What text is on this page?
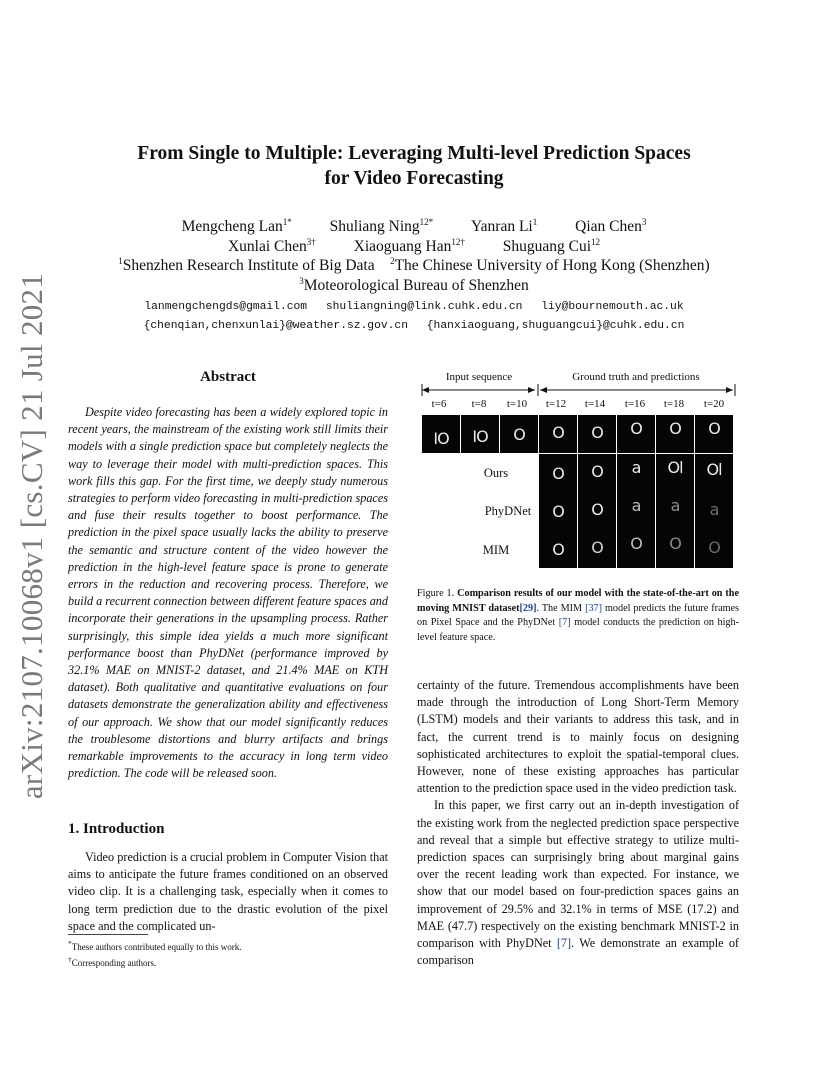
arXiv:2107.10068v1 [cs.CV] 21 Jul 2021
From Single to Multiple: Leveraging Multi-level Prediction Spaces
for Video Forecasting
Mengcheng Lan$^{1*}$ Shuliang Ning$^{12*}$ Yanran Li$^1$ Qian Chen$^3$
Xunlai Chen$^{3\dagger}$ Xiaoguang Han$^{12\dagger}$ Shuguang Cui$^{12}$
$^1$Shenzhen Research Institute of Big Data $^2$The Chinese University of Hong Kong (Shenzhen)
$^3$Moteorological Bureau of Shenzhen
lanmengchengds@gmail.com shuliangning@link.cuhk.edu.cn liy@bournemouth.ac.uk
{chenqian,chenxunlai}@weather.sz.gov.cn {hanxiaoguang,shuguangcui}@cuhk.edu.cn
Abstract
Despite video forecasting has been a widely explored topic in recent years, the mainstream of the existing work still limits their models with a single prediction space but completely neglects the way to leverage their model with multi-prediction spaces. This work fills this gap. For the first time, we deeply study numerous strategies to perform video forecasting in multi-prediction spaces and fuse their results together to boost performance. The prediction in the pixel space usually lacks the ability to preserve the semantic and structure content of the video however the prediction in the high-level feature space is prone to generate errors in the reduction and recovering process. Therefore, we build a recurrent connection between different feature spaces and incorporate their generations in the upsampling process. Rather surprisingly, this simple idea yields a much more significant performance boost than PhyDNet (performance improved by 32.1% MAE on MNIST-2 dataset, and 21.4% MAE on KTH dataset). Both qualitative and quantitative evaluations on four datasets demonstrate the generalization ability and effectiveness of our approach. We show that our model significantly reduces the troublesome distortions and blurry artifacts and brings remarkable improvements to the accuracy in long term video prediction. The code will be released soon.
1. Introduction
Video prediction is a crucial problem in Computer Vision that aims to anticipate the future frames conditioned on an observed video clip. It is a challenging task, especially when it comes to long term prediction due to the drastic evolution of the pixel space and the complicated un-
*These authors contributed equally to this work.
†Corresponding authors.
Input sequence	Ground truth and predictions
t=6	t=8	t=10	t=12	t=14	t=16	t=18	t=20
IO	IO	O	O	O	O	O	O
Ours	O	O	a	Ol	Ol
PhyDNet	O	O	a	a	a
MIM	O	O	O	O	O
Figure 1. Comparison results of our model with the state-of-the-art on the moving MNIST dataset[29]. The MIM [37] model predicts the future frames on Pixel Space and the PhyDNet [7] model conducts the prediction on high-level feature space.

certainty of the future. Tremendous accomplishments have been made through the introduction of Long Short-Term Memory (LSTM) models and their variants to address this task, and in fact, the current trend is to mainly focus on designing sophisticated architectures to exploit the spatial-temporal clues. However, none of these existing approaches has particular attention to the prediction space used in the video prediction task.

In this paper, we first carry out an in-depth investigation of the existing work from the neglected prediction space perspective and reveal that a simple but effective strategy to utilize multi-prediction spaces can surprisingly bring about marginal gains over the recent leading work than expected. For instance, we show that our model based on four-prediction spaces gains an improvement of 29.5% and 32.1% in terms of MSE (17.2) and MAE (47.7) respectively on the existing benchmark MNIST-2 in comparison with PhyDNet [7]. We demonstrate an example of comparison
